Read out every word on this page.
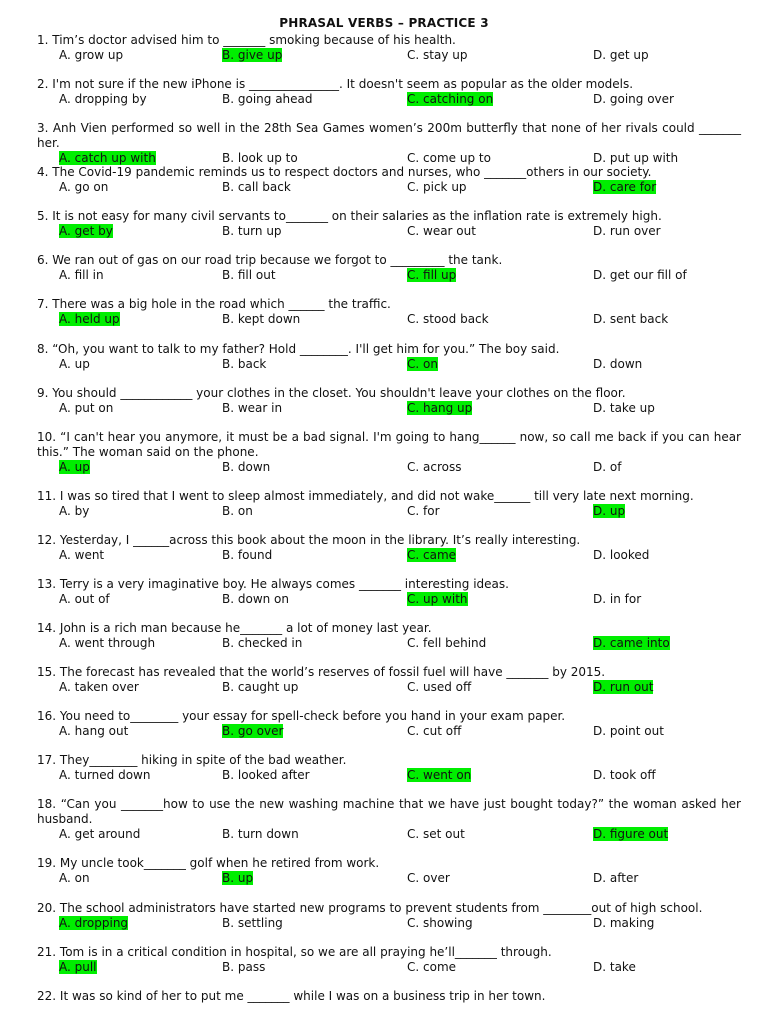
PHRASAL VERBS – PRACTICE 3
1. Tim’s doctor advised him to _______ smoking because of his health.
A. grow up	B. give up	C. stay up	D. get up
2. I'm not sure if the new iPhone is _______________. It doesn't seem as popular as the older models.
A. dropping by	B. going ahead	C. catching on	D. going over
3. Anh Vien performed so well in the 28th Sea Games women’s 200m butterfly that none of her rivals could _______ her.
A. catch up with	B. look up to	C. come up to	D. put up with
4. The Covid-19 pandemic reminds us to respect doctors and nurses, who _______others in our society.
A. go on	B. call back	C. pick up	D. care for
5. It is not easy for many civil servants to_______ on their salaries as the inflation rate is extremely high.
A. get by	B. turn up	C. wear out	D. run over
6. We ran out of gas on our road trip because we forgot to _________ the tank.
A. fill in	B. fill out	C. fill up	D. get our fill of
7. There was a big hole in the road which ______ the traffic.
A. held up	B. kept down	C. stood back	D. sent back
8. “Oh, you want to talk to my father? Hold ________. I'll get him for you.” The boy said.
A. up	B. back	C. on	D. down
9. You should ____________ your clothes in the closet. You shouldn't leave your clothes on the floor.
A. put on	B. wear in	C. hang up	D. take up
10. “I can't hear you anymore, it must be a bad signal. I'm going to hang______ now, so call me back if you can hear this.” The woman said on the phone.
A. up	B. down	C. across	D. of
11. I was so tired that I went to sleep almost immediately, and did not wake______ till very late next morning.
A. by	B. on	C. for	D. up
12. Yesterday, I ______across this book about the moon in the library. It’s really interesting.
A. went	B. found	C. came	D. looked
13. Terry is a very imaginative boy. He always comes _______ interesting ideas.
A. out of	B. down on	C. up with	D. in for
14. John is a rich man because he_______ a lot of money last year.
A. went through	B. checked in	C. fell behind	D. came into
15. The forecast has revealed that the world’s reserves of fossil fuel will have _______ by 2015.
A. taken over	B. caught up	C. used off	D. run out
16. You need to________ your essay for spell-check before you hand in your exam paper.
A. hang out	B. go over	C. cut off	D. point out
17. They________ hiking in spite of the bad weather.
A. turned down	B. looked after	C. went on	D. took off
18. “Can you _______how to use the new washing machine that we have just bought today?” the woman asked her husband.
A. get around	B. turn down	C. set out	D. figure out
19. My uncle took_______ golf when he retired from work.
A. on	B. up	C. over	D. after
20. The school administrators have started new programs to prevent students from ________out of high school.
A. dropping	B. settling	C. showing	D. making
21. Tom is in a critical condition in hospital, so we are all praying he’ll_______ through.
A. pull	B. pass	C. come	D. take
22. It was so kind of her to put me _______ while I was on a business trip in her town.
